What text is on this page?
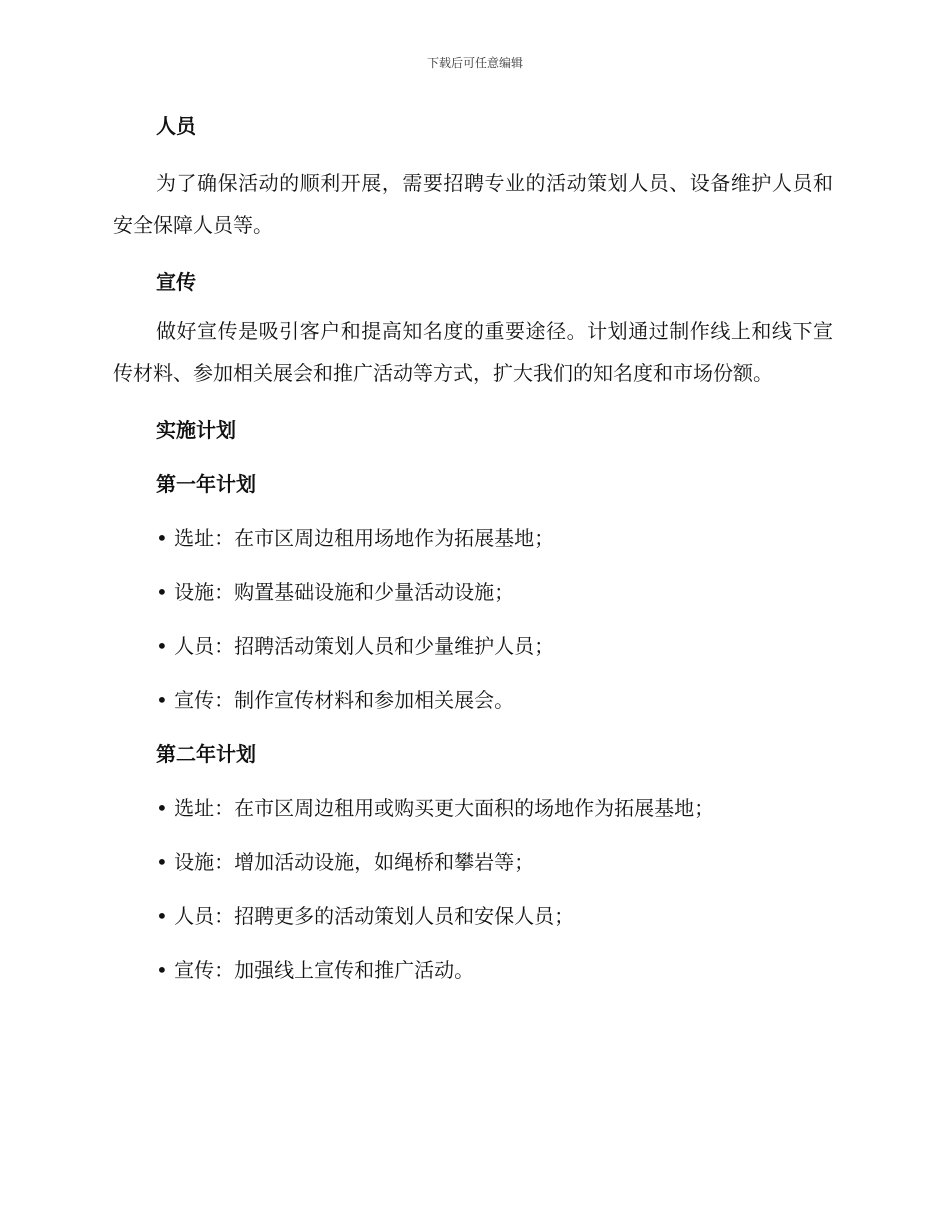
下载后可任意编辑
人员

为了确保活动的顺利开展，需要招聘专业的活动策划人员、设备维护人员和安全保障人员等。

宣传

做好宣传是吸引客户和提高知名度的重要途径。计划通过制作线上和线下宣传材料、参加相关展会和推广活动等方式，扩大我们的知名度和市场份额。

实施计划
第一年计划
• 选址：在市区周边租用场地作为拓展基地；
• 设施：购置基础设施和少量活动设施；
• 人员：招聘活动策划人员和少量维护人员；
• 宣传：制作宣传材料和参加相关展会。
第二年计划
• 选址：在市区周边租用或购买更大面积的场地作为拓展基地；
• 设施：增加活动设施，如绳桥和攀岩等；
• 人员：招聘更多的活动策划人员和安保人员；
• 宣传：加强线上宣传和推广活动。
